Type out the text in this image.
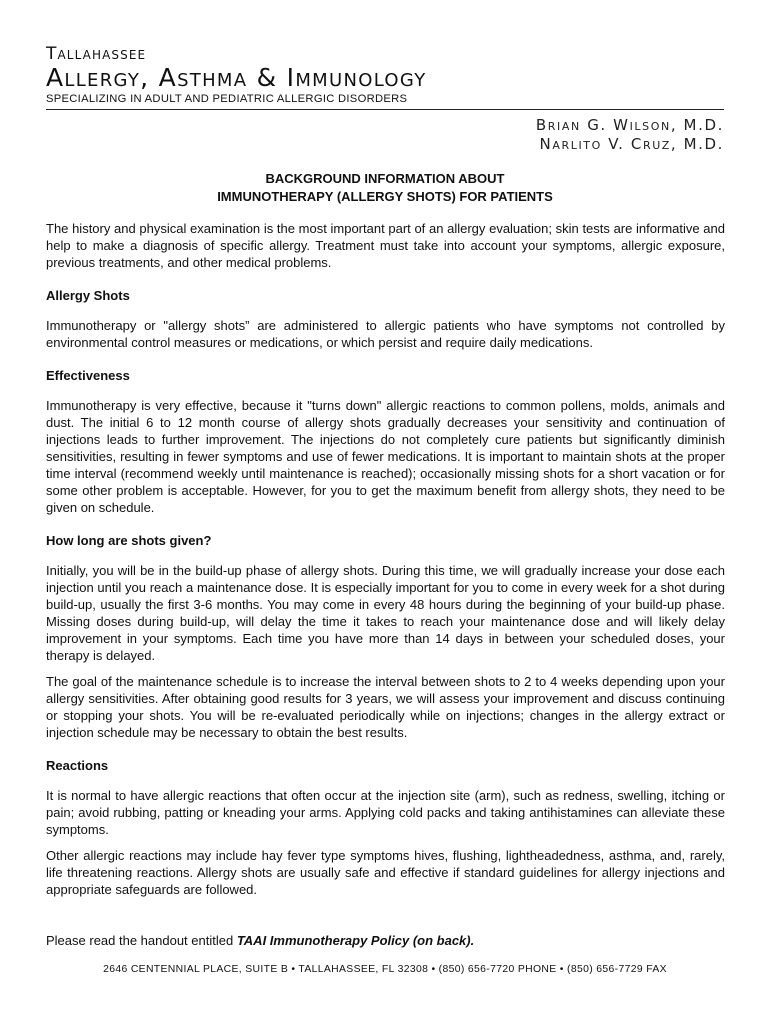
Tallahassee
Allergy, Asthma & Immunology
SPECIALIZING IN ADULT AND PEDIATRIC ALLERGIC DISORDERS
Brian G. Wilson, M.D.
Narlito V. Cruz, M.D.
BACKGROUND INFORMATION ABOUT
IMMUNOTHERAPY (ALLERGY SHOTS) FOR PATIENTS

The history and physical examination is the most important part of an allergy evaluation; skin tests are informative and help to make a diagnosis of specific allergy. Treatment must take into account your symptoms, allergic exposure, previous treatments, and other medical problems.

Allergy Shots

Immunotherapy or "allergy shots” are administered to allergic patients who have symptoms not controlled by environmental control measures or medications, or which persist and require daily medications.

Effectiveness

Immunotherapy is very effective, because it "turns down" allergic reactions to common pollens, molds, animals and dust. The initial 6 to 12 month course of allergy shots gradually decreases your sensitivity and continuation of injections leads to further improvement. The injections do not completely cure patients but significantly diminish sensitivities, resulting in fewer symptoms and use of fewer medications. It is important to maintain shots at the proper time interval (recommend weekly until maintenance is reached); occasionally missing shots for a short vacation or for some other problem is acceptable. However, for you to get the maximum benefit from allergy shots, they need to be given on schedule.

How long are shots given?

Initially, you will be in the build-up phase of allergy shots. During this time, we will gradually increase your dose each injection until you reach a maintenance dose. It is especially important for you to come in every week for a shot during build-up, usually the first 3-6 months. You may come in every 48 hours during the beginning of your build-up phase. Missing doses during build-up, will delay the time it takes to reach your maintenance dose and will likely delay improvement in your symptoms. Each time you have more than 14 days in between your scheduled doses, your therapy is delayed.

The goal of the maintenance schedule is to increase the interval between shots to 2 to 4 weeks depending upon your allergy sensitivities. After obtaining good results for 3 years, we will assess your improvement and discuss continuing or stopping your shots. You will be re-evaluated periodically while on injections; changes in the allergy extract or injection schedule may be necessary to obtain the best results.

Reactions

It is normal to have allergic reactions that often occur at the injection site (arm), such as redness, swelling, itching or pain; avoid rubbing, patting or kneading your arms. Applying cold packs and taking antihistamines can alleviate these symptoms.

Other allergic reactions may include hay fever type symptoms hives, flushing, lightheadedness, asthma, and, rarely, life threatening reactions. Allergy shots are usually safe and effective if standard guidelines for allergy injections and appropriate safeguards are followed.

Please read the handout entitled TAAI Immunotherapy Policy (on back).

2646 CENTENNIAL PLACE, SUITE B • TALLAHASSEE, FL 32308 • (850) 656-7720 PHONE • (850) 656-7729 FAX
